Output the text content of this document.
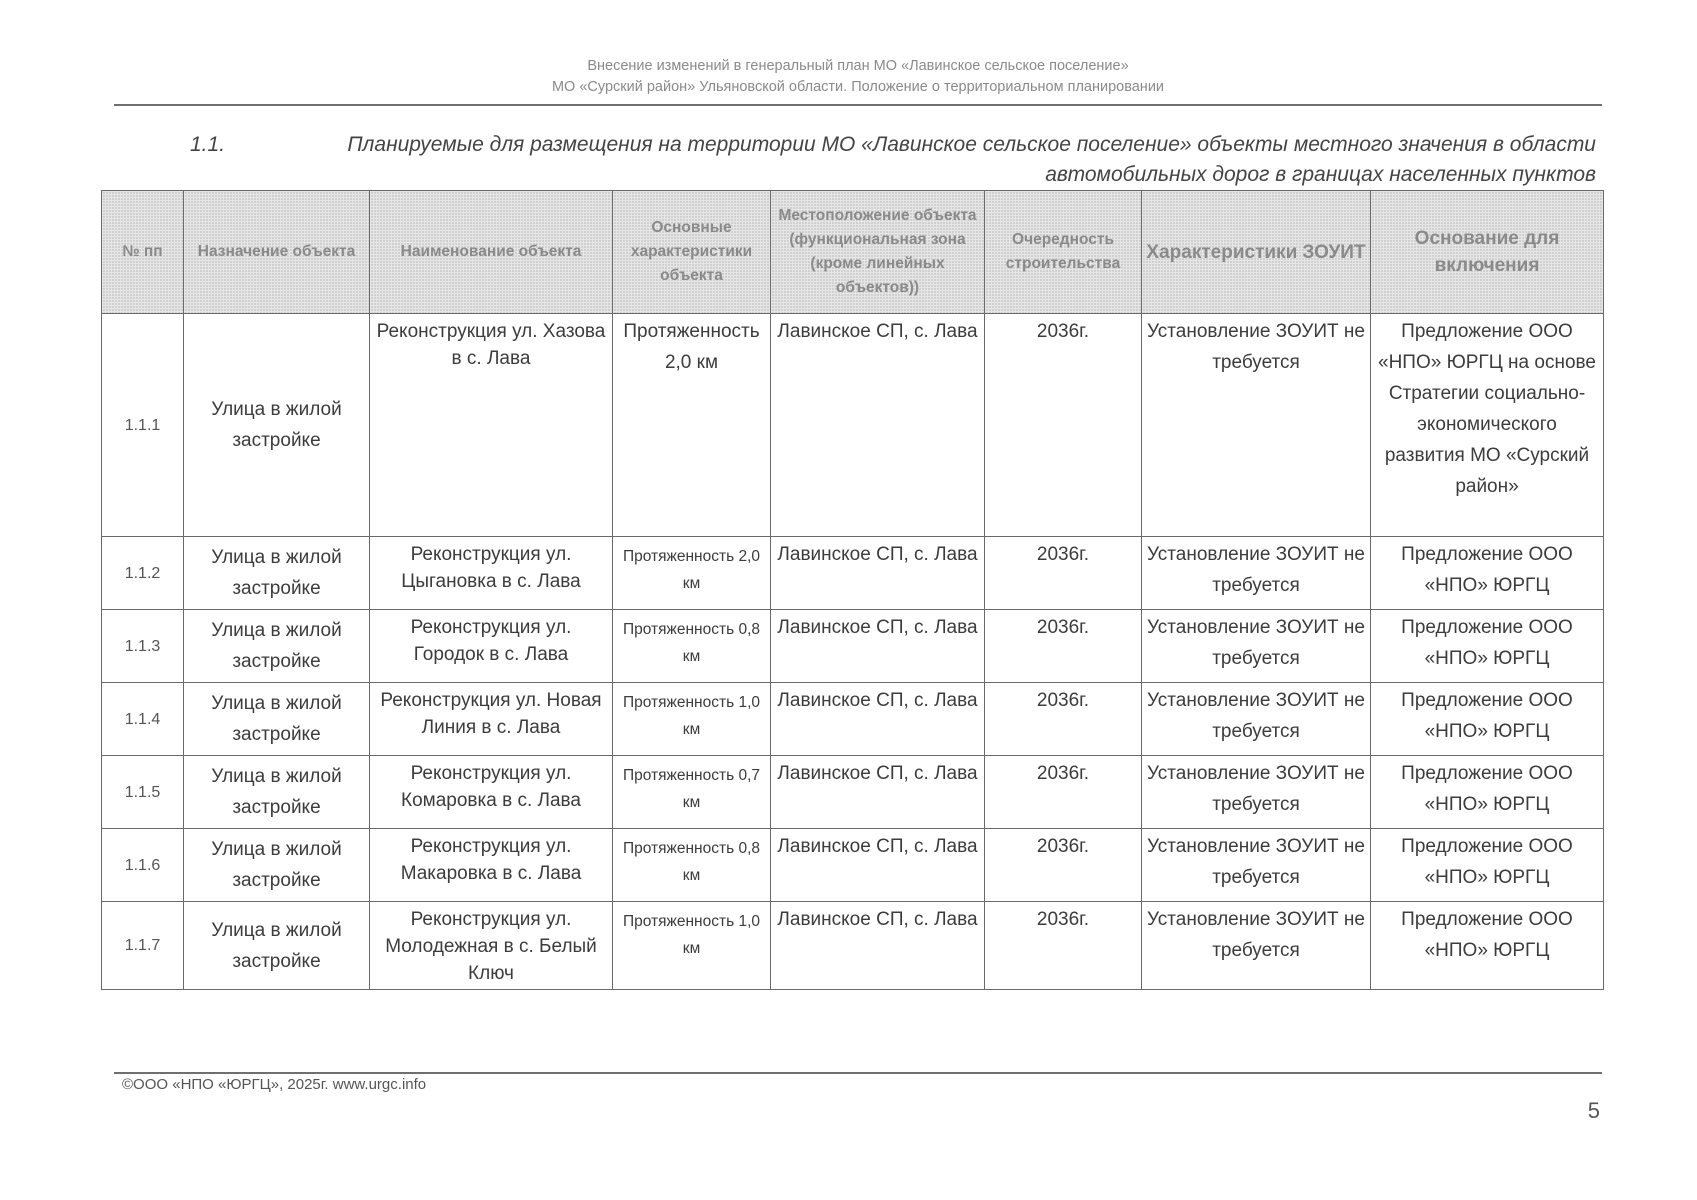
Внесение изменений в генеральный план МО «Лавинское сельское поселение»
МО «Сурский район» Ульяновской области. Положение о территориальном планировании
1.1.	Планируемые для размещения на территории МО «Лавинское сельское поселение» объекты местного значения в области
автомобильных дорог в границах населенных пунктов
№ пп	Назначение объекта	Наименование объекта	Основные характеристики объекта	Местоположение объекта (функциональная зона (кроме линейных объектов))	Очередность строительства	Характеристики ЗОУИТ	Основание для включения
1.1.1	Улица в жилой застройке	Реконструкция ул. Хазова в с. Лава	Протяженность 2,0 км	Лавинское СП, с. Лава	2036г.	Установление ЗОУИТ не требуется	Предложение ООО «НПО» ЮРГЦ на основе Стратегии социально-экономического развития МО «Сурский район»
1.1.2	Улица в жилой застройке	Реконструкция ул. Цыгановка в с. Лава	Протяженность 2,0 км	Лавинское СП, с. Лава	2036г.	Установление ЗОУИТ не требуется	Предложение ООО «НПО» ЮРГЦ
1.1.3	Улица в жилой застройке	Реконструкция ул. Городок в с. Лава	Протяженность 0,8 км	Лавинское СП, с. Лава	2036г.	Установление ЗОУИТ не требуется	Предложение ООО «НПО» ЮРГЦ
1.1.4	Улица в жилой застройке	Реконструкция ул. Новая Линия в с. Лава	Протяженность 1,0 км	Лавинское СП, с. Лава	2036г.	Установление ЗОУИТ не требуется	Предложение ООО «НПО» ЮРГЦ
1.1.5	Улица в жилой застройке	Реконструкция ул. Комаровка в с. Лава	Протяженность 0,7 км	Лавинское СП, с. Лава	2036г.	Установление ЗОУИТ не требуется	Предложение ООО «НПО» ЮРГЦ
1.1.6	Улица в жилой застройке	Реконструкция ул. Макаровка в с. Лава	Протяженность 0,8 км	Лавинское СП, с. Лава	2036г.	Установление ЗОУИТ не требуется	Предложение ООО «НПО» ЮРГЦ
1.1.7	Улица в жилой застройке	Реконструкция ул. Молодежная в с. Белый Ключ	Протяженность 1,0 км	Лавинское СП, с. Лава	2036г.	Установление ЗОУИТ не требуется	Предложение ООО «НПО» ЮРГЦ
©ООО «НПО «ЮРГЦ», 2025г. www.urgc.info
5
